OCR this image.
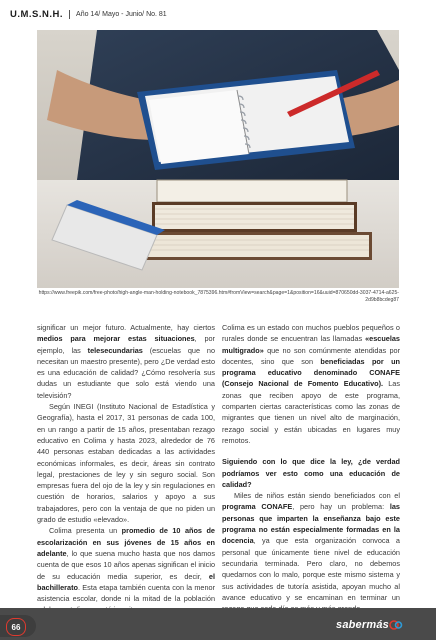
U.M.S.N.H. Año 14/ Mayo - Junio/ No. 81
https://www.freepik.com/free-photo/high-angle-man-holding-notebook_7875396.htm#fromView=search&page=1&position=16&uuid=870650dd-3037-4714-a625-2d9b8bcdeg87

significar un mejor futuro. Actualmente, hay ciertos medios para mejorar estas situaciones, por ejemplo, las telesecundarias (escuelas que no necesitan un maestro presente), pero ¿De verdad esto es una educación de calidad? ¿Cómo resolvería sus dudas un estudiante que solo está viendo una televisión?

Según INEGI (Instituto Nacional de Estadística y Geografía), hasta el 2017, 31 personas de cada 100, en un rango a partir de 15 años, presentaban rezago educativo en Colima y hasta 2023, alrededor de 76 440 personas estaban dedicadas a las actividades económicas informales, es decir, áreas sin contrato legal, prestaciones de ley y sin seguro social. Son empresas fuera del ojo de la ley y sin regulaciones en cuestión de horarios, salarios y apoyo a sus trabajadores, pero con la ventaja de que no piden un grado de estudio «elevado».

Colima presenta un promedio de 10 años de escolarización en sus jóvenes de 15 años en adelante, lo que suena mucho hasta que nos damos cuenta de que esos 10 años apenas significan el inicio de su educación media superior, es decir, el bachillerato. Esta etapa también cuenta con la menor asistencia escolar, donde ni la mitad de la población

Colima es un estado con muchos pueblos pequeños o rurales donde se encuentran las llamadas «escuelas multigrado» que no son comúnmente atendidas por docentes, sino que son beneficiadas por un programa educativo denominado CONAFE (Consejo Nacional de Fomento Educativo). Las zonas que reciben apoyo de este programa, comparten ciertas características como las zonas de migrantes que tienen un nivel alto de marginación, rezago social y están ubicadas en lugares muy remotos.

Siguiendo con lo que dice la ley, ¿de verdad podríamos ver esto como una educación de calidad?

Miles de niños están siendo beneficiados con el programa CONAFE, pero hay un problema: las personas que imparten la enseñanza bajo este programa no están especialmente formadas en la docencia, ya que esta organización convoca a personal que únicamente tiene nivel de educación secundaria terminada. Pero claro, no debemos quedarnos con lo malo, porque este mismo sistema y sus actividades de tutoría asistida, apoyan mucho al avance educativo y se encaminan en terminar un

66	sabermás
